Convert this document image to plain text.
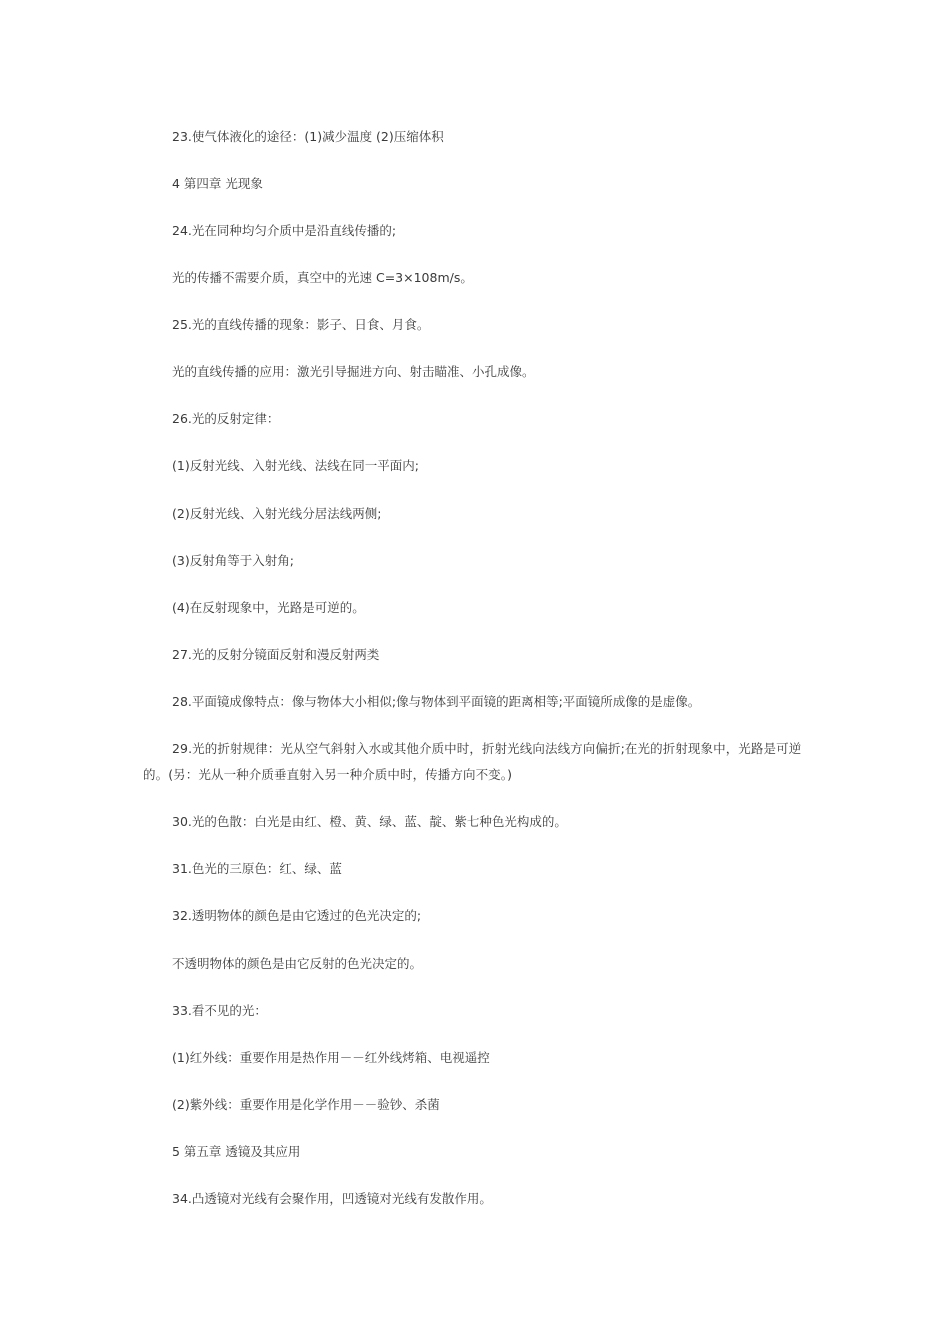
23.使气体液化的途径：(1)减少温度 (2)压缩体积
4 第四章 光现象
24.光在同种均匀介质中是沿直线传播的;
光的传播不需要介质，真空中的光速 C=3×108m/s。
25.光的直线传播的现象：影子、日食、月食。
光的直线传播的应用：激光引导掘进方向、射击瞄准、小孔成像。
26.光的反射定律：
(1)反射光线、入射光线、法线在同一平面内;
(2)反射光线、入射光线分居法线两侧;
(3)反射角等于入射角;
(4)在反射现象中，光路是可逆的。
27.光的反射分镜面反射和漫反射两类
28.平面镜成像特点：像与物体大小相似;像与物体到平面镜的距离相等;平面镜所成像的是虚像。
29.光的折射规律：光从空气斜射入水或其他介质中时，折射光线向法线方向偏折;在光的折射现象中，光路是可逆的。(另：光从一种介质垂直射入另一种介质中时，传播方向不变。)
30.光的色散：白光是由红、橙、黄、绿、蓝、靛、紫七种色光构成的。
31.色光的三原色：红、绿、蓝
32.透明物体的颜色是由它透过的色光决定的;
不透明物体的颜色是由它反射的色光决定的。
33.看不见的光：
(1)红外线：重要作用是热作用－－红外线烤箱、电视遥控
(2)紫外线：重要作用是化学作用－－验钞、杀菌
5 第五章 透镜及其应用
34.凸透镜对光线有会聚作用，凹透镜对光线有发散作用。
